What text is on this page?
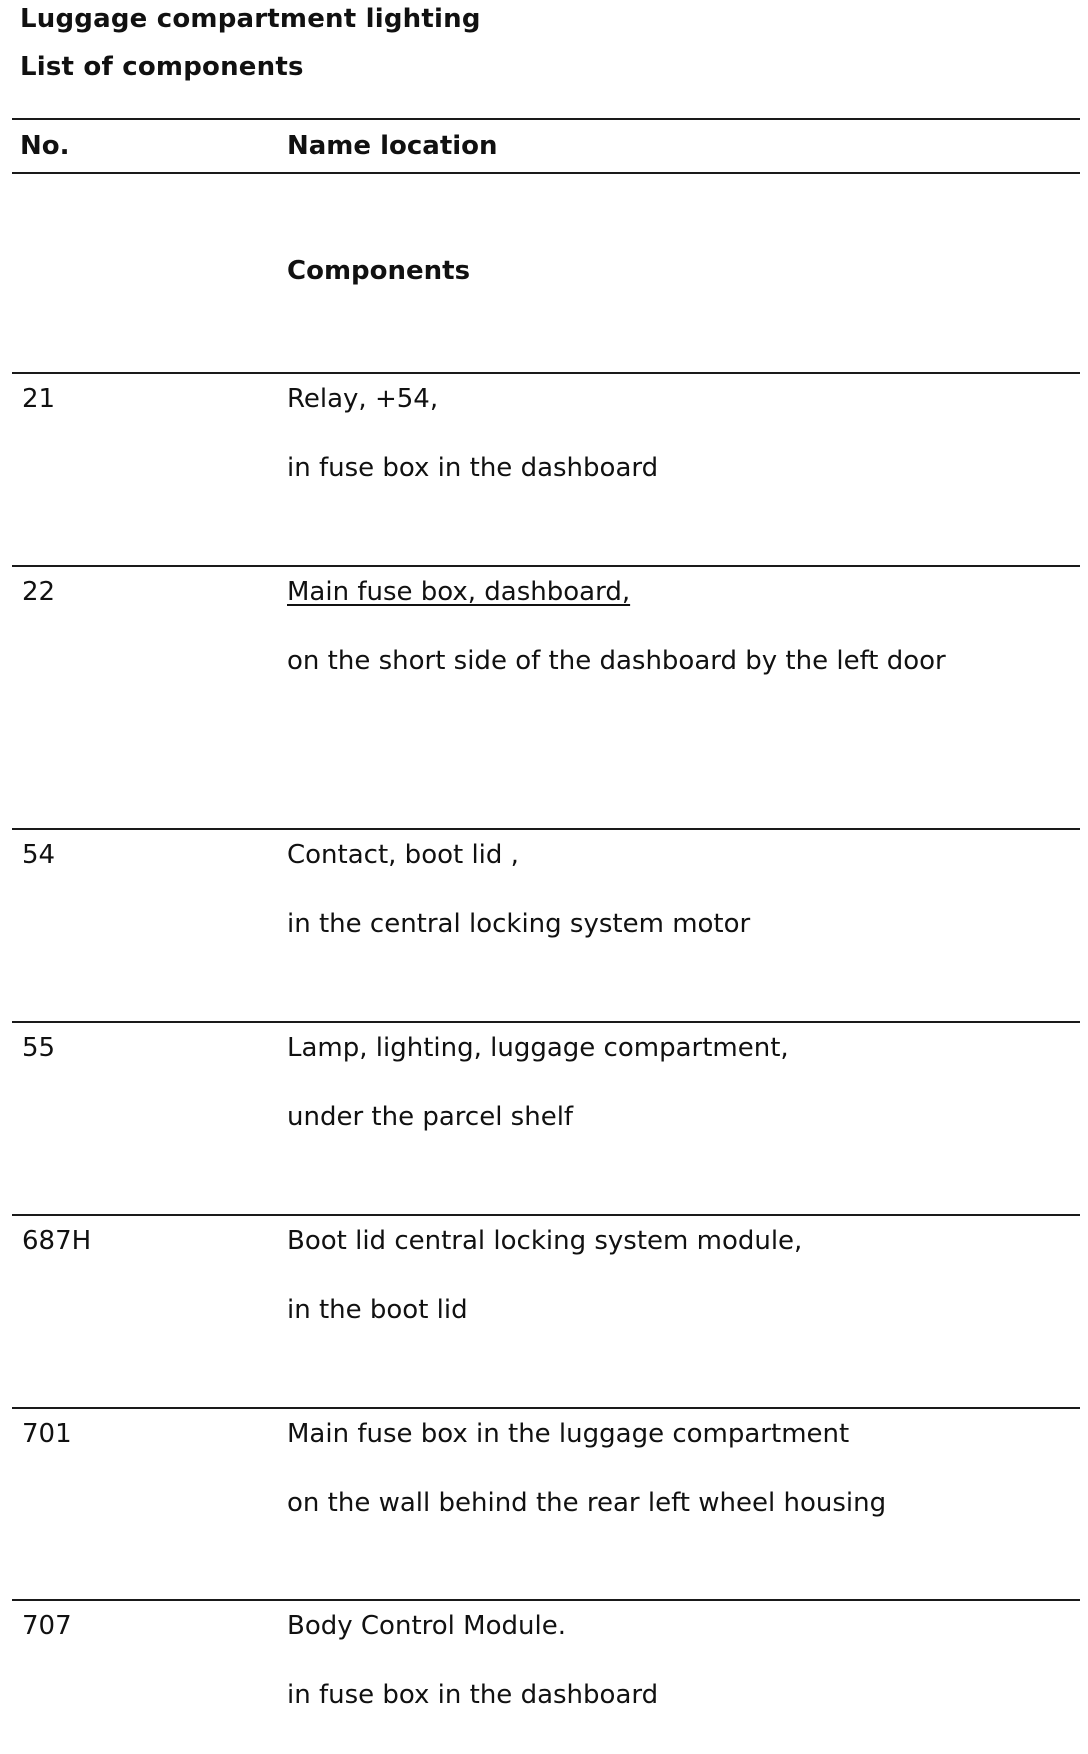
Luggage compartment lighting
List of components
No.	Name location
Components
21	Relay, +54,
in fuse box in the dashboard
22	Main fuse box, dashboard,
on the short side of the dashboard by the left door
54	Contact, boot lid ,
in the central locking system motor
55	Lamp, lighting, luggage compartment,
under the parcel shelf
687H	Boot lid central locking system module,
in the boot lid
701	Main fuse box in the luggage compartment
on the wall behind the rear left wheel housing
707	Body Control Module.
in fuse box in the dashboard
